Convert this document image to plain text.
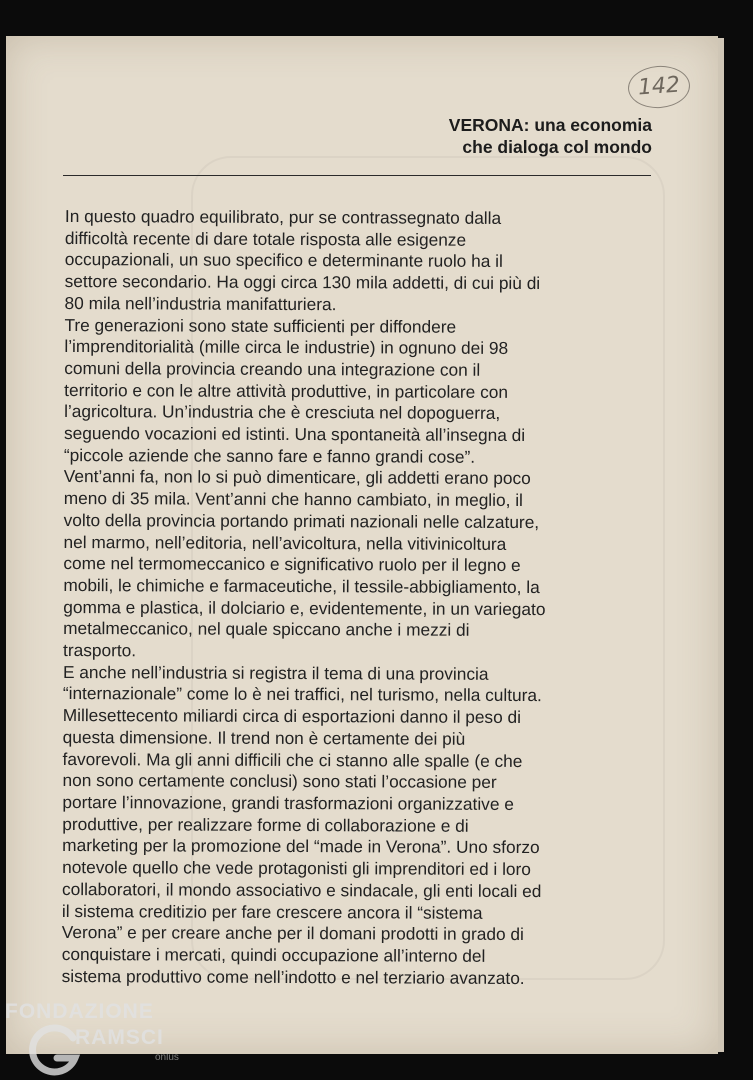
142
VERONA: una economia
che dialoga col mondo

In questo quadro equilibrato, pur se contrassegnato dalla

difficoltà recente di dare totale risposta alle esigenze

occupazionali, un suo specifico e determinante ruolo ha il

settore secondario. Ha oggi circa 130 mila addetti, di cui più di

80 mila nell’industria manifatturiera.

Tre generazioni sono state sufficienti per diffondere

l’imprenditorialità (mille circa le industrie) in ognuno dei 98

comuni della provincia creando una integrazione con il

territorio e con le altre attività produttive, in particolare con

l’agricoltura. Un’industria che è cresciuta nel dopoguerra,

seguendo vocazioni ed istinti. Una spontaneità all’insegna di

“piccole aziende che sanno fare e fanno grandi cose”.

Vent’anni fa, non lo si può dimenticare, gli addetti erano poco

meno di 35 mila. Vent’anni che hanno cambiato, in meglio, il

volto della provincia portando primati nazionali nelle calzature,

nel marmo, nell’editoria, nell’avicoltura, nella vitivinicoltura

come nel termomeccanico e significativo ruolo per il legno e

mobili, le chimiche e farmaceutiche, il tessile-abbigliamento, la

gomma e plastica, il dolciario e, evidentemente, in un variegato

metalmeccanico, nel quale spiccano anche i mezzi di

trasporto.

E anche nell’industria si registra il tema di una provincia

“internazionale” come lo è nei traffici, nel turismo, nella cultura.

Millesettecento miliardi circa di esportazioni danno il peso di

questa dimensione. Il trend non è certamente dei più

favorevoli. Ma gli anni difficili che ci stanno alle spalle (e che

non sono certamente conclusi) sono stati l’occasione per

portare l’innovazione, grandi trasformazioni organizzative e

produttive, per realizzare forme di collaborazione e di

marketing per la promozione del “made in Verona”. Uno sforzo

notevole quello che vede protagonisti gli imprenditori ed i loro

collaboratori, il mondo associativo e sindacale, gli enti locali ed

il sistema creditizio per fare crescere ancora il “sistema

Verona” e per creare anche per il domani prodotti in grado di

conquistare i mercati, quindi occupazione all’interno del

sistema produttivo come nell’indotto e nel terziario avanzato.

FONDAZIONE
RAMSCI
onlus
